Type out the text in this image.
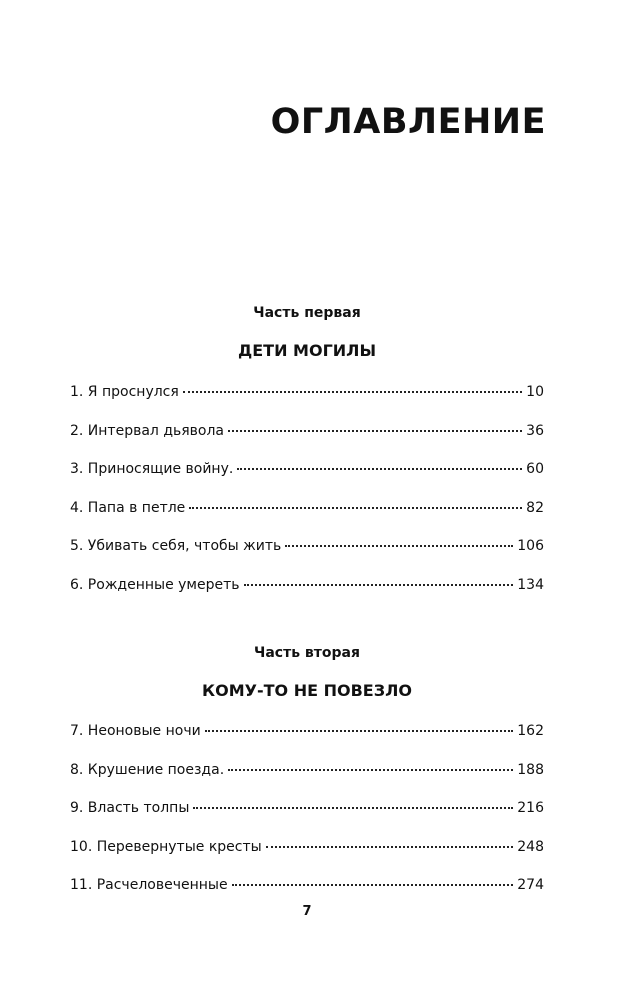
ОГЛАВЛЕНИЕ
Часть первая
ДЕТИ МОГИЛЫ
1. Я проснулся	10
2. Интервал дьявола	36
3. Приносящие войну.	60
4. Папа в петле	82
5. Убивать себя, чтобы жить	106
6. Рожденные умереть	134
Часть вторая
КОМУ-ТО НЕ ПОВЕЗЛО
7. Неоновые ночи	162
8. Крушение поезда.	188
9. Власть толпы	216
10. Перевернутые кресты	248
11. Расчеловеченные	274
7
